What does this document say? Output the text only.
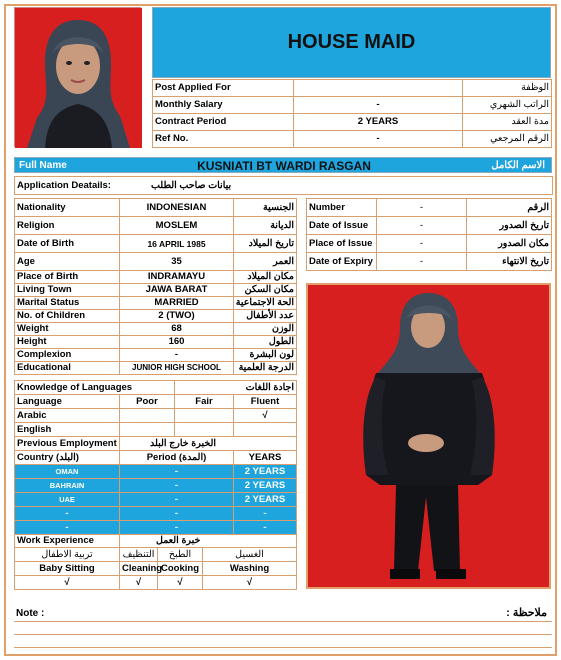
HOUSE MAID
Post Applied For		الوظفة
Monthly Salary	-	الراتب الشهري
Contract Period	2 YEARS	مدة العقد
Ref No.	-	الرقم المرجعي
Full Name	KUSNIATI BT WARDI RASGAN	الاسم الكامل
Application Deatails:	بيانات صاحب الطلب
Nationality	INDONESIAN	الجنسية
Religion	MOSLEM	الديانة
Date of Birth	16 APRIL 1985	تاريخ الميلاد
Age	35	العمر
Place of Birth	INDRAMAYU	مكان الميلاد
Living Town	JAWA BARAT	مكان السكن
Marital Status	MARRIED	الحة الاجتماعية
No. of Children	2 (TWO)	عدد الأطفال
Weight	68	الوزن
Height	160	الطول
Complexion	-	لون البشرة
Educational	JUNIOR HIGH SCHOOL	الدرجة العلمية
Number	-	الرقم
Date of Issue	-	تاريخ الصدور
Place of Issue	-	مكان الصدور
Date of Expiry	-	تاريخ الانتهاء
Knowledge of Languages		اجادة اللغات	
Language	Poor	Fair	Fluent
Arabic			√
English			
Previous Employment	الخبرة خارج البلد	
Country (البلد)	Period (المدة)	YEARS
OMAN	-	2 YEARS
BAHRAIN	-	2 YEARS
UAE	-	2 YEARS
-	-	-
-	-	-
Work Experience	خبرة العمل		
تربية الاطفال	التنظيف	الطبخ	الغسيل
Baby Sitting	Cleaning	Cooking	Washing
√	√	√	√
Note :	ملاحظة :
